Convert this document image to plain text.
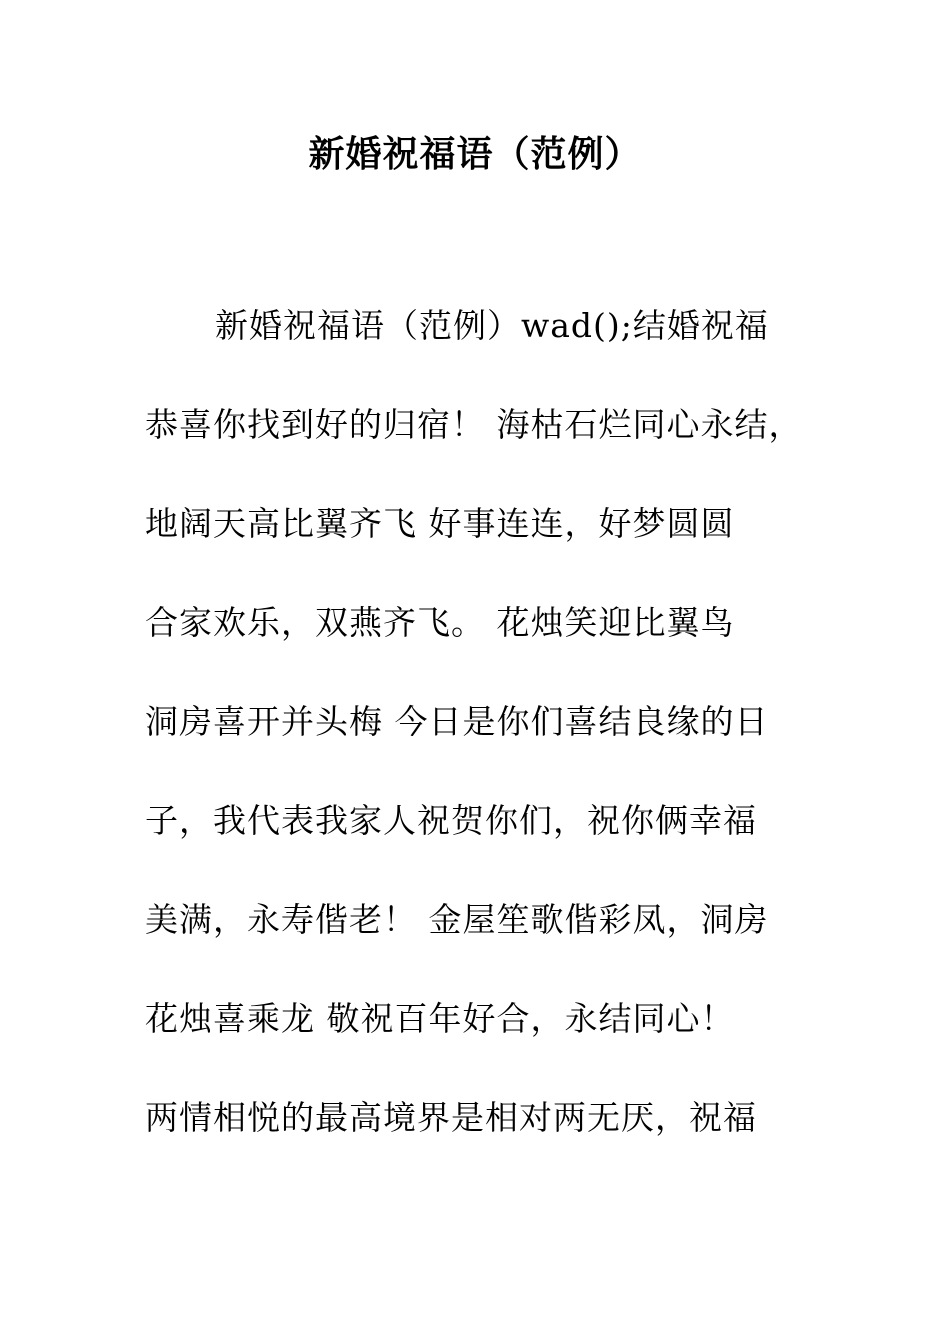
新婚祝福语（范例）
新婚祝福语（范例）wad();结婚祝福
恭喜你找到好的归宿！ 海枯石烂同心永结，
地阔天高比翼齐飞 好事连连，好梦圆圆
合家欢乐，双燕齐飞。 花烛笑迎比翼鸟
洞房喜开并头梅 今日是你们喜结良缘的日
子，我代表我家人祝贺你们，祝你俩幸福
美满，永寿偕老！ 金屋笙歌偕彩凤，洞房
花烛喜乘龙 敬祝百年好合，永结同心！
两情相悦的最高境界是相对两无厌，祝福
